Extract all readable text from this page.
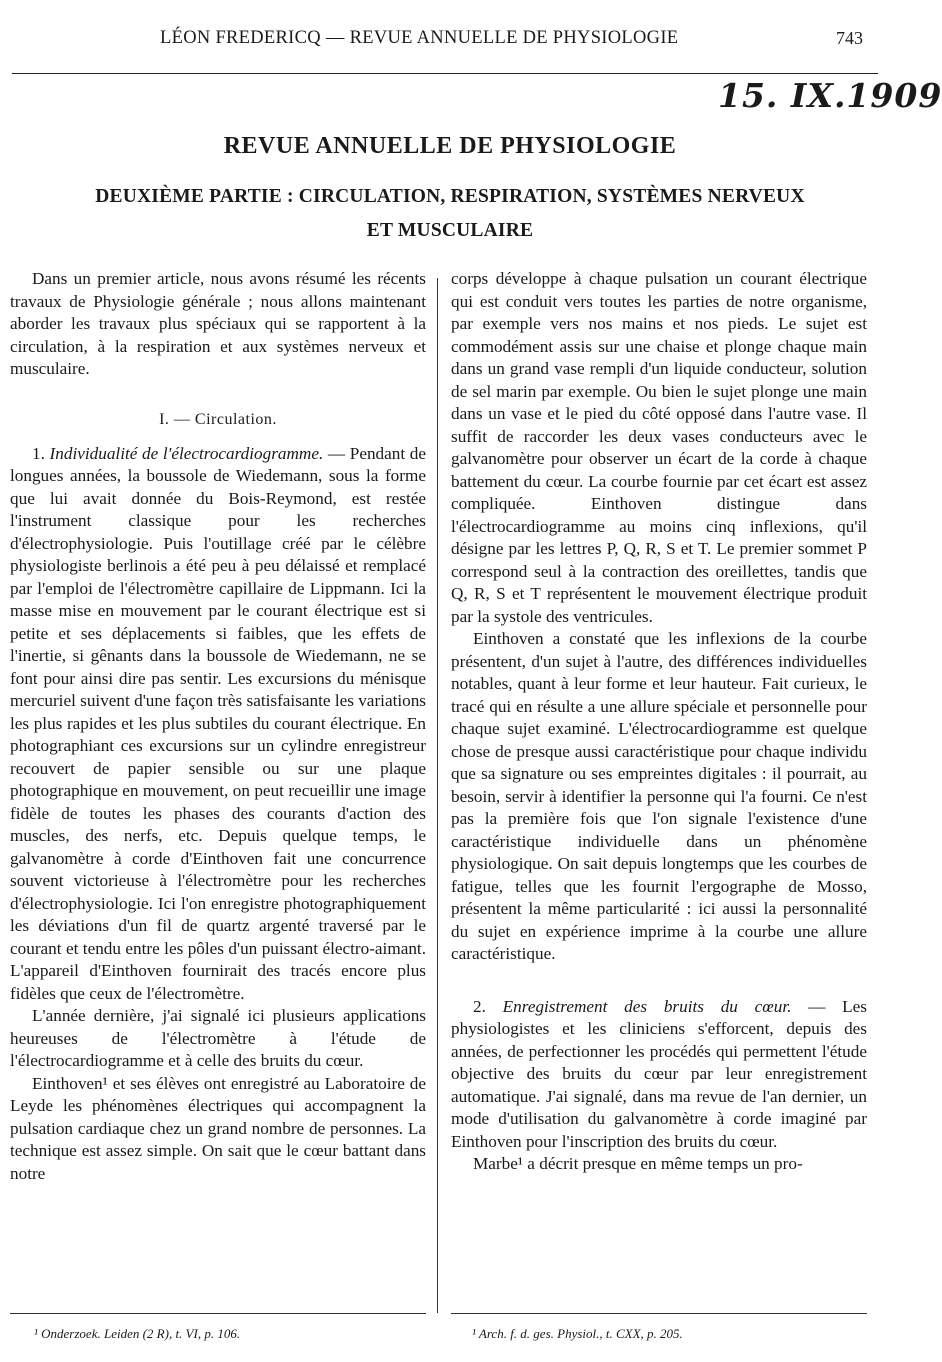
LÉON FREDERICQ — REVUE ANNUELLE DE PHYSIOLOGIE	743
15. IX.1909
REVUE ANNUELLE DE PHYSIOLOGIE
DEUXIÈME PARTIE : CIRCULATION, RESPIRATION, SYSTÈMES NERVEUX
ET MUSCULAIRE

Dans un premier article, nous avons résumé les récents travaux de Physiologie générale ; nous allons maintenant aborder les travaux plus spéciaux qui se rapportent à la circulation, à la respiration et aux systèmes nerveux et musculaire.

I. — Circulation.

1. Individualité de l'électrocardiogramme. — Pendant de longues années, la boussole de Wiedemann, sous la forme que lui avait donnée du Bois-Reymond, est restée l'instrument classique pour les recherches d'électrophysiologie. Puis l'outillage créé par le célèbre physiologiste berlinois a été peu à peu délaissé et remplacé par l'emploi de l'électromètre capillaire de Lippmann. Ici la masse mise en mouvement par le courant électrique est si petite et ses déplacements si faibles, que les effets de l'inertie, si gênants dans la boussole de Wiedemann, ne se font pour ainsi dire pas sentir. Les excursions du ménisque mercuriel suivent d'une façon très satisfaisante les variations les plus rapides et les plus subtiles du courant électrique. En photographiant ces excursions sur un cylindre enregistreur recouvert de papier sensible ou sur une plaque photographique en mouvement, on peut recueillir une image fidèle de toutes les phases des courants d'action des muscles, des nerfs, etc. Depuis quelque temps, le galvanomètre à corde d'Einthoven fait une concurrence souvent victorieuse à l'électromètre pour les recherches d'électrophysiologie. Ici l'on enregistre photographiquement les déviations d'un fil de quartz argenté traversé par le courant et tendu entre les pôles d'un puissant électro-aimant. L'appareil d'Einthoven fournirait des tracés encore plus fidèles que ceux de l'électromètre.

L'année dernière, j'ai signalé ici plusieurs applications heureuses de l'électromètre à l'étude de l'électrocardiogramme et à celle des bruits du cœur.

Einthoven¹ et ses élèves ont enregistré au Laboratoire de Leyde les phénomènes électriques qui accompagnent la pulsation cardiaque chez un grand nombre de personnes. La technique est assez simple. On sait que le cœur battant dans notre

corps développe à chaque pulsation un courant électrique qui est conduit vers toutes les parties de notre organisme, par exemple vers nos mains et nos pieds. Le sujet est commodément assis sur une chaise et plonge chaque main dans un grand vase rempli d'un liquide conducteur, solution de sel marin par exemple. Ou bien le sujet plonge une main dans un vase et le pied du côté opposé dans l'autre vase. Il suffit de raccorder les deux vases conducteurs avec le galvanomètre pour observer un écart de la corde à chaque battement du cœur. La courbe fournie par cet écart est assez compliquée. Einthoven distingue dans l'électrocardiogramme au moins cinq inflexions, qu'il désigne par les lettres P, Q, R, S et T. Le premier sommet P correspond seul à la contraction des oreillettes, tandis que Q, R, S et T représentent le mouvement électrique produit par la systole des ventricules.

Einthoven a constaté que les inflexions de la courbe présentent, d'un sujet à l'autre, des différences individuelles notables, quant à leur forme et leur hauteur. Fait curieux, le tracé qui en résulte a une allure spéciale et personnelle pour chaque sujet examiné. L'électrocardiogramme est quelque chose de presque aussi caractéristique pour chaque individu que sa signature ou ses empreintes digitales : il pourrait, au besoin, servir à identifier la personne qui l'a fourni. Ce n'est pas la première fois que l'on signale l'existence d'une caractéristique individuelle dans un phénomène physiologique. On sait depuis longtemps que les courbes de fatigue, telles que les fournit l'ergographe de Mosso, présentent la même particularité : ici aussi la personnalité du sujet en expérience imprime à la courbe une allure caractéristique.

2. Enregistrement des bruits du cœur. — Les physiologistes et les cliniciens s'efforcent, depuis des années, de perfectionner les procédés qui permettent l'étude objective des bruits du cœur par leur enregistrement automatique. J'ai signalé, dans ma revue de l'an dernier, un mode d'utilisation du galvanomètre à corde imaginé par Einthoven pour l'inscription des bruits du cœur.

Marbe¹ a décrit presque en même temps un pro-

¹ Onderzoek. Leiden (2 R), t. VI, p. 106.	¹ Arch. f. d. ges. Physiol., t. CXX, p. 205.
